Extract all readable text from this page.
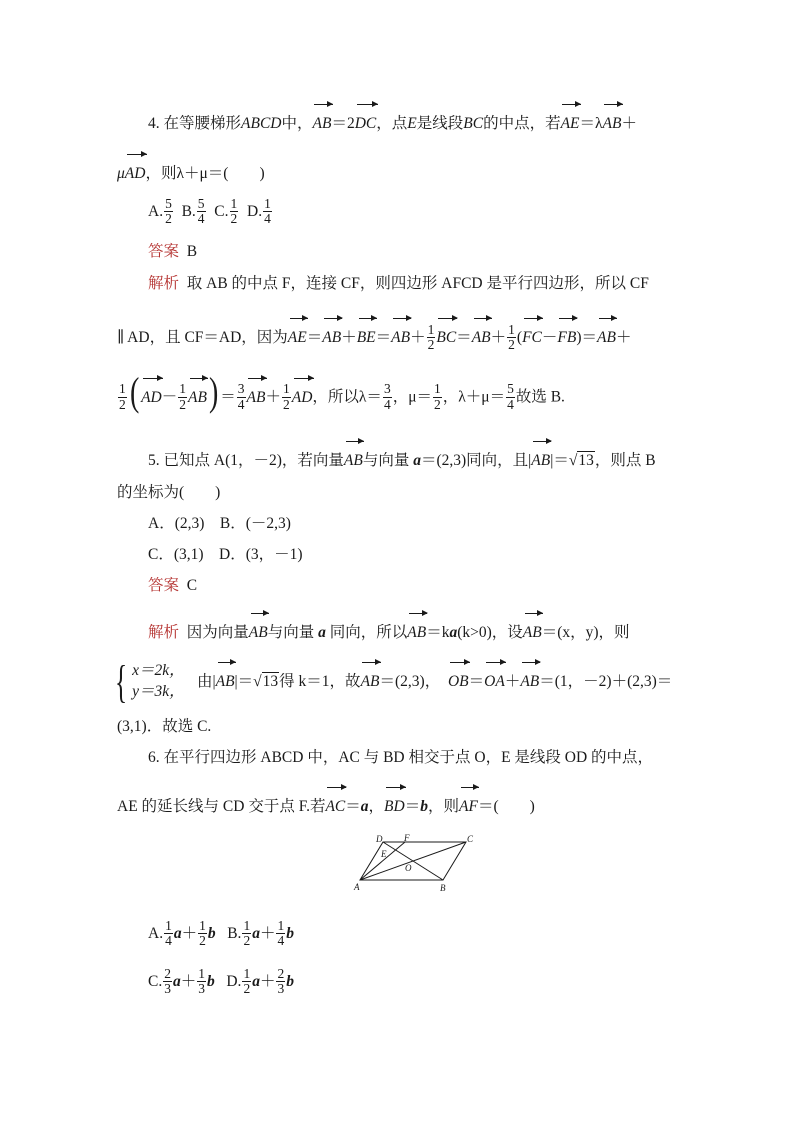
4. 在等腰梯形ABCD中，AB＝2DC，点E是线段BC的中点，若AE＝λAB＋
μAD，则λ＋μ＝(　　)
A. $\frac{5}{2} B$. $\frac{5}{4} C$. $\frac{1}{2} D$. $\frac{1}{4}$
答案 B
解析 取 AB 的中点 F，连接 CF，则四边形 AFCD 是平行四边形，所以 CF
∥ AD，且 CF＝AD，因为$AE=AB+BE=AB+ \frac{1}{2} BC=AB+ \frac{1}{2} (FC-FB)=AB+$
$\frac{1}{2}$ ( $AD- \frac{1}{2} AB) = \frac{3}{4} AB+ \frac{1}{2}$ AD，所以$\lambda= \frac{3}{4}$ ，$\mu= \frac{1}{2}$ ，$\lambda+\mu= \frac{5}{4}$ 故选 B.
5. 已知点 A(1，－2)，若向量AB与向量 a＝(2,3)同向，且|AB|＝√13，则点 B
的坐标为(　　)
A．(2,3)　B．(－2,3)
C．(3,1)　D．(3，－1)
答案 C
解析 因为向量AB与向量 a 同向，所以AB＝ka(k>0)，设AB＝(x，y)，则
{ x＝2k，
y＝3k，
由|AB|＝√13得 k＝1，故AB＝(2,3)， OB＝OA＋AB＝(1，－2)＋(2,3)＝
(3,1)．故选 C.
6. 在平行四边形 ABCD 中，AC 与 BD 相交于点 O，E 是线段 OD 的中点，
AE 的延长线与 CD 交于点 F.若AC＝a，BD＝b，则AF＝(　　)
A	B
C
D
E
F
O
A. $\frac{1}{4} a+ \frac{1}{2}$ b B. $\frac{1}{2} a+ \frac{1}{4}$ b
C. $\frac{2}{3} a+ \frac{1}{3}$ b D. $\frac{1}{2} a+ \frac{2}{3}$ b
